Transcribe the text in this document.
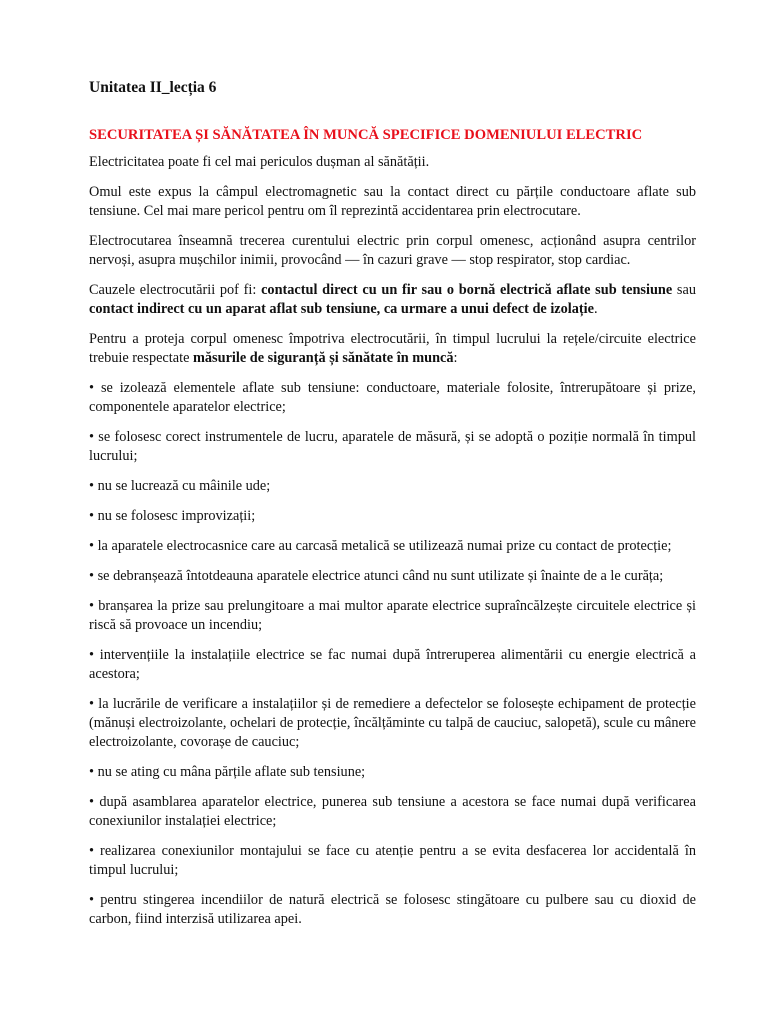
Unitatea II_lecția 6
SECURITATEA ȘI SĂNĂTATEA ÎN MUNCĂ SPECIFICE DOMENIULUI ELECTRIC

Electricitatea poate fi cel mai periculos dușman al sănătății.

Omul este expus la câmpul electromagnetic sau la contact direct cu părțile conductoare aflate sub tensiune. Cel mai mare pericol pentru om îl reprezintă accidentarea prin electrocutare.

Electrocutarea înseamnă trecerea curentului electric prin corpul omenesc, acționând asupra centrilor nervoși, asupra mușchilor inimii, provocând — în cazuri grave — stop respirator, stop cardiac.

Cauzele electrocutării pof fi: contactul direct cu un fir sau o bornă electrică aflate sub tensiune sau contact indirect cu un aparat aflat sub tensiune, ca urmare a unui defect de izolație.

Pentru a proteja corpul omenesc împotriva electrocutării, în timpul lucrului la rețele/circuite electrice trebuie respectate măsurile de siguranță și sănătate în muncă:

• se izolează elementele aflate sub tensiune: conductoare, materiale folosite, întrerupătoare și prize, componentele aparatelor electrice;

• se folosesc corect instrumentele de lucru, aparatele de măsură, și se adoptă o poziție normală în timpul lucrului;

• nu se lucrează cu mâinile ude;

• nu se folosesc improvizații;

• la aparatele electrocasnice care au carcasă metalică se utilizează numai prize cu contact de protecție;

• se debranșează întotdeauna aparatele electrice atunci când nu sunt utilizate și înainte de a le curăța;

• branșarea la prize sau prelungitoare a mai multor aparate electrice supraîncălzește circuitele electrice și riscă să provoace un incendiu;

• intervențiile la instalațiile electrice se fac numai după întreruperea alimentării cu energie electrică a acestora;

• la lucrările de verificare a instalațiilor și de remediere a defectelor se folosește echipament de protecție (mănuși electroizolante, ochelari de protecție, încălțăminte cu talpă de cauciuc, salopetă), scule cu mânere electroizolante, covorașe de cauciuc;

• nu se ating cu mâna părțile aflate sub tensiune;

• după asamblarea aparatelor electrice, punerea sub tensiune a acestora se face numai după verificarea conexiunilor instalației electrice;

• realizarea conexiunilor montajului se face cu atenție pentru a se evita desfacerea lor accidentală în timpul lucrului;

• pentru stingerea incendiilor de natură electrică se folosesc stingătoare cu pulbere sau cu dioxid de carbon, fiind interzisă utilizarea apei.
